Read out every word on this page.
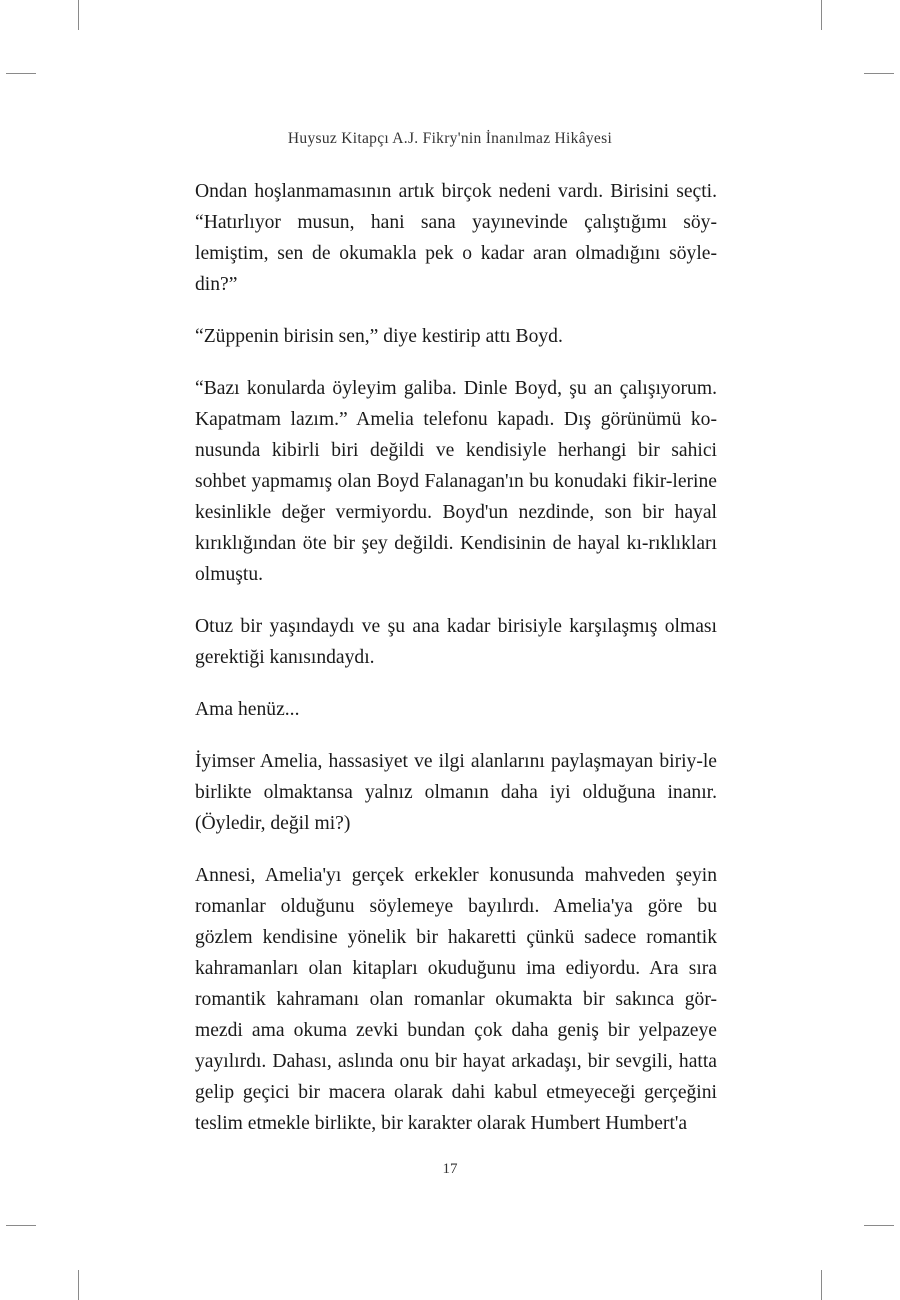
Huysuz Kitapçı A.J. Fikry'nin İnanılmaz Hikâyesi

Ondan hoşlanmamasının artık birçok nedeni vardı. Birisini seçti. “Hatırlıyor musun, hani sana yayınevinde çalıştığımı söy-lemiştim, sen de okumakla pek o kadar aran olmadığını söyle-din?”

“Züppenin birisin sen,” diye kestirip attı Boyd.

“Bazı konularda öyleyim galiba. Dinle Boyd, şu an çalışıyorum. Kapatmam lazım.” Amelia telefonu kapadı. Dış görünümü ko-nusunda kibirli biri değildi ve kendisiyle herhangi bir sahici sohbet yapmamış olan Boyd Falanagan'ın bu konudaki fikir-lerine kesinlikle değer vermiyordu. Boyd'un nezdinde, son bir hayal kırıklığından öte bir şey değildi. Kendisinin de hayal kı-rıklıkları olmuştu.

Otuz bir yaşındaydı ve şu ana kadar birisiyle karşılaşmış olması gerektiği kanısındaydı.

Ama henüz...

İyimser Amelia, hassasiyet ve ilgi alanlarını paylaşmayan biriy-le birlikte olmaktansa yalnız olmanın daha iyi olduğuna inanır. (Öyledir, değil mi?)

Annesi, Amelia'yı gerçek erkekler konusunda mahveden şeyin romanlar olduğunu söylemeye bayılırdı. Amelia'ya göre bu gözlem kendisine yönelik bir hakaretti çünkü sadece romantik kahramanları olan kitapları okuduğunu ima ediyordu. Ara sıra romantik kahramanı olan romanlar okumakta bir sakınca gör-mezdi ama okuma zevki bundan çok daha geniş bir yelpazeye yayılırdı. Dahası, aslında onu bir hayat arkadaşı, bir sevgili, hatta gelip geçici bir macera olarak dahi kabul etmeyeceği gerçeğini teslim etmekle birlikte, bir karakter olarak Humbert Humbert'a

17
